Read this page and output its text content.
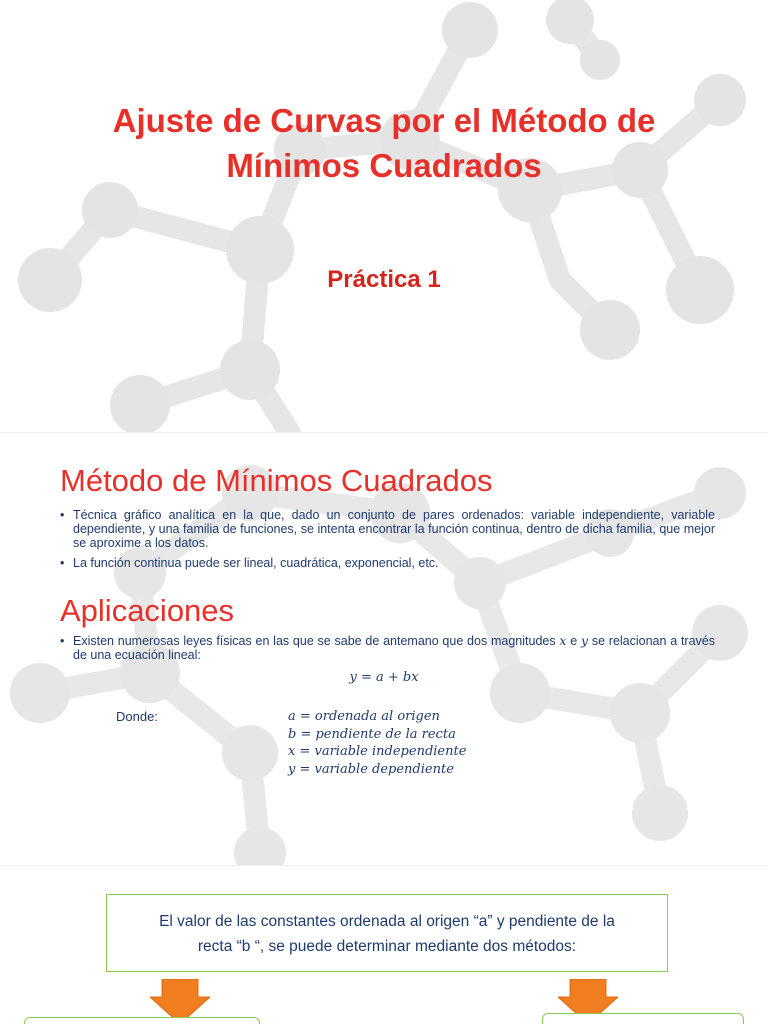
Ajuste de Curvas por el Método de
Mínimos Cuadrados
Práctica 1
Método de Mínimos Cuadrados
• Técnica gráfico analítica en la que, dado un conjunto de pares ordenados: variable independiente, variable dependiente, y una familia de funciones, se intenta encontrar la función continua, dentro de dicha familia, que mejor se aproxime a los datos.
• La función continua puede ser lineal, cuadrática, exponencial, etc.
Aplicaciones
• Existen numerosas leyes físicas en las que se sabe de antemano que dos magnitudes x e y se relacionan a través de una ecuación lineal:
y = a + bx
Donde:	a = ordenada al origen
b = pendiente de la recta
x = variable independiente
y = variable dependiente
El valor de las constantes ordenada al origen “a” y pendiente de la
recta “b “, se puede determinar mediante dos métodos:
